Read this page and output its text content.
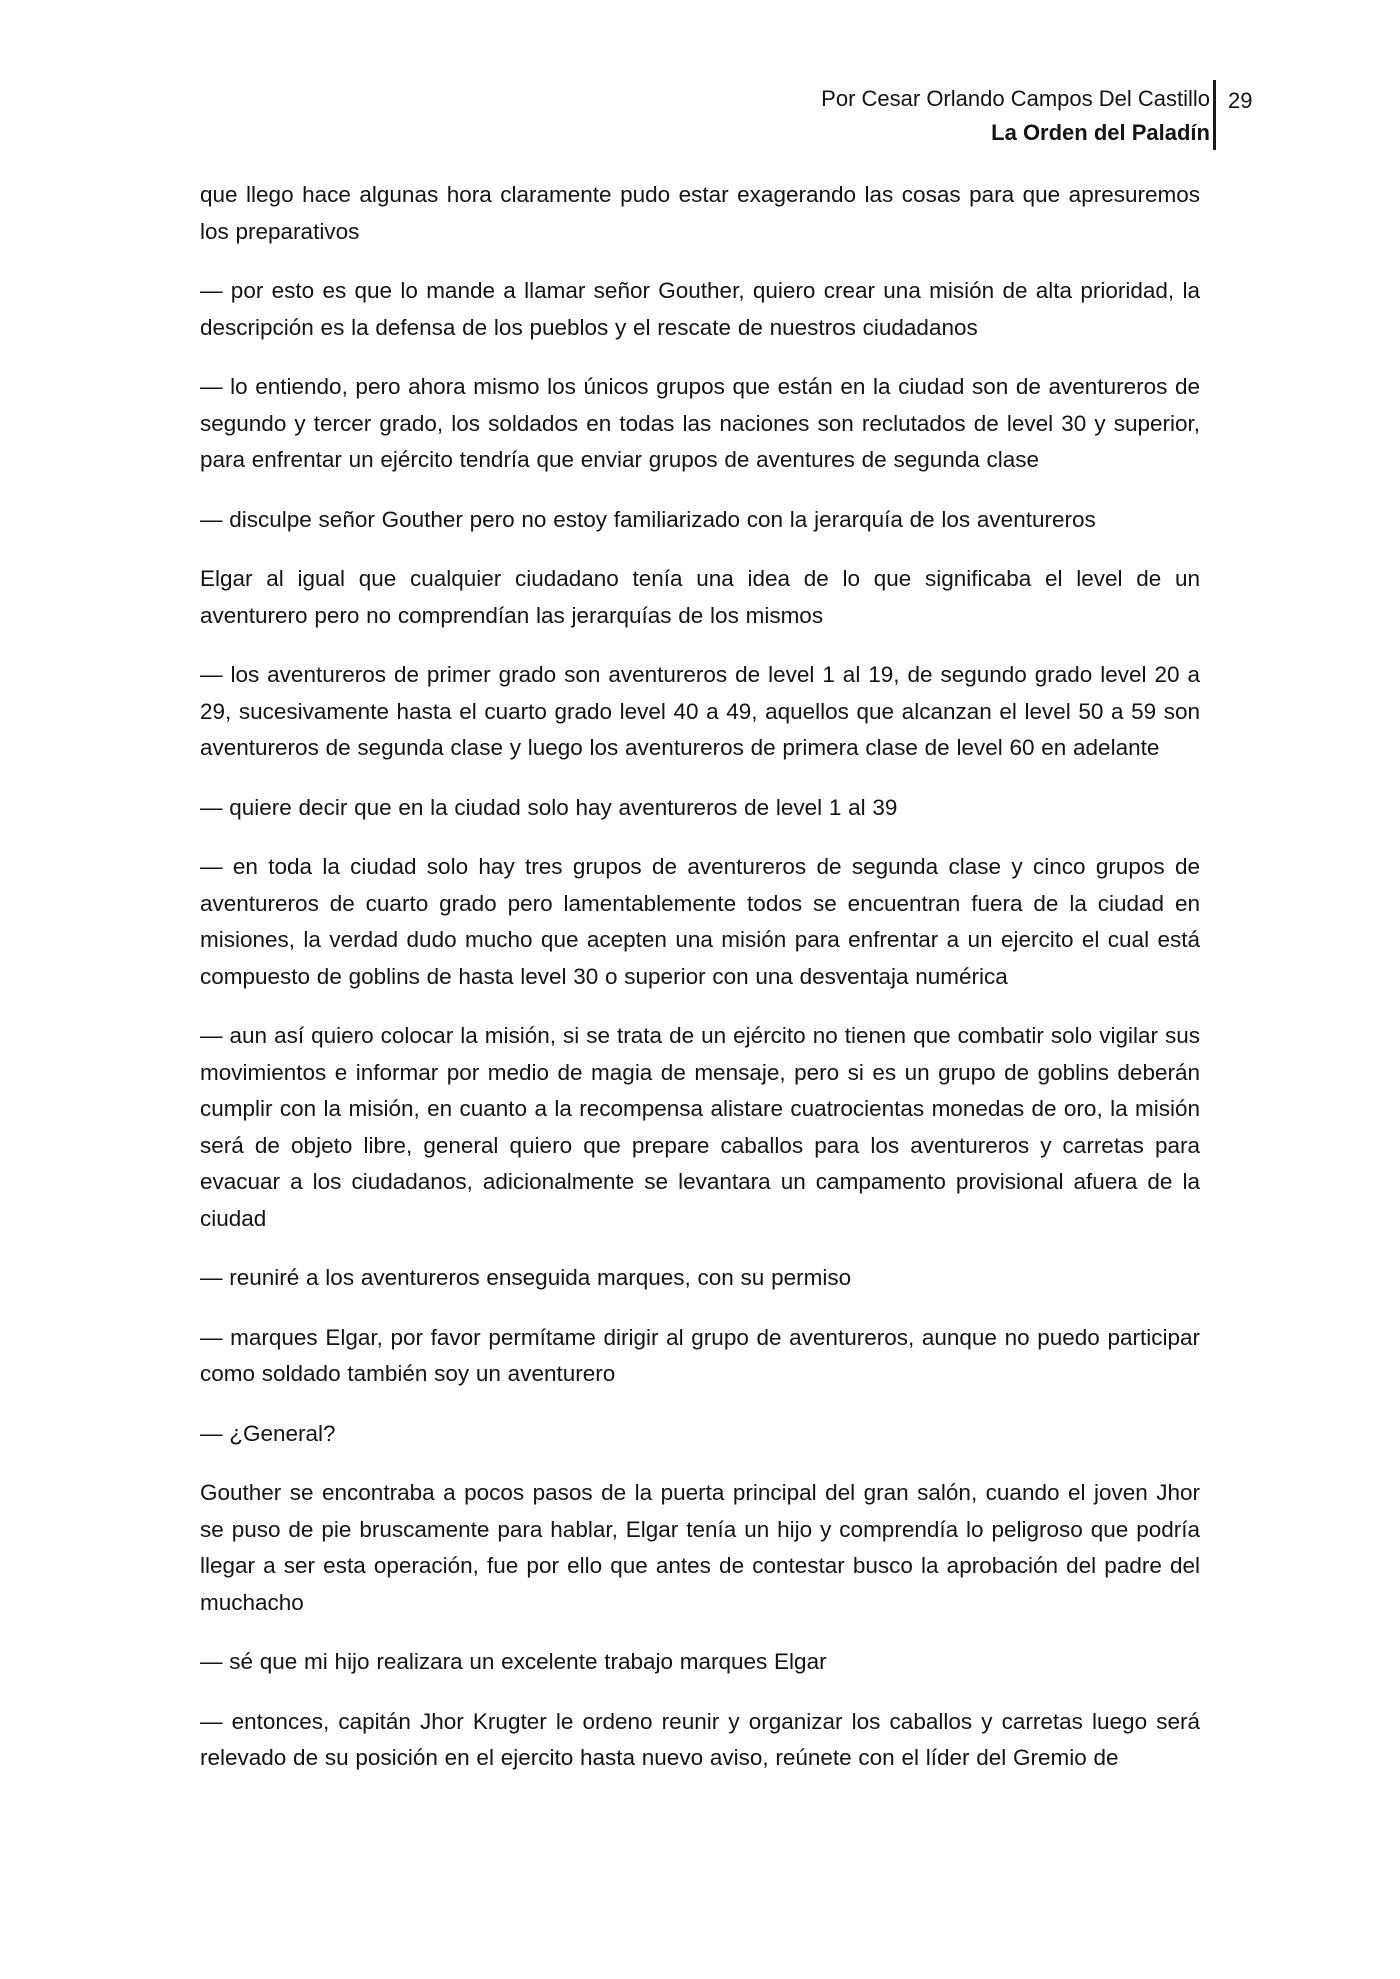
Por Cesar Orlando Campos Del Castillo
La Orden del Paladín
29

que llego hace algunas hora claramente pudo estar exagerando las cosas para que apresuremos los preparativos

— por esto es que lo mande a llamar señor Gouther, quiero crear una misión de alta prioridad, la descripción es la defensa de los pueblos y el rescate de nuestros ciudadanos

— lo entiendo, pero ahora mismo los únicos grupos que están en la ciudad son de aventureros de segundo y tercer grado, los soldados en todas las naciones son reclutados de level 30 y superior, para enfrentar un ejército tendría que enviar grupos de aventures de segunda clase

— disculpe señor Gouther pero no estoy familiarizado con la jerarquía de los aventureros

Elgar al igual que cualquier ciudadano tenía una idea de lo que significaba el level de un aventurero pero no comprendían las jerarquías de los mismos

— los aventureros de primer grado son aventureros de level 1 al 19, de segundo grado level 20 a 29, sucesivamente hasta el cuarto grado level 40 a 49, aquellos que alcanzan el level 50 a 59 son aventureros de segunda clase y luego los aventureros de primera clase de level 60 en adelante

— quiere decir que en la ciudad solo hay aventureros de level 1 al 39

— en toda la ciudad solo hay tres grupos de aventureros de segunda clase y cinco grupos de aventureros de cuarto grado pero lamentablemente todos se encuentran fuera de la ciudad en misiones, la verdad dudo mucho que acepten una misión para enfrentar a un ejercito el cual está compuesto de goblins de hasta level 30 o superior con una desventaja numérica

— aun así quiero colocar la misión, si se trata de un ejército no tienen que combatir solo vigilar sus movimientos e informar por medio de magia de mensaje, pero si es un grupo de goblins deberán cumplir con la misión, en cuanto a la recompensa alistare cuatrocientas monedas de oro, la misión será de objeto libre, general quiero que prepare caballos para los aventureros y carretas para evacuar a los ciudadanos, adicionalmente se levantara un campamento provisional afuera de la ciudad

— reuniré a los aventureros enseguida marques, con su permiso

— marques Elgar, por favor permítame dirigir al grupo de aventureros, aunque no puedo participar como soldado también soy un aventurero

— ¿General?

Gouther se encontraba a pocos pasos de la puerta principal del gran salón, cuando el joven Jhor se puso de pie bruscamente para hablar, Elgar tenía un hijo y comprendía lo peligroso que podría llegar a ser esta operación, fue por ello que antes de contestar busco la aprobación del padre del muchacho

— sé que mi hijo realizara un excelente trabajo marques Elgar

— entonces, capitán Jhor Krugter le ordeno reunir y organizar los caballos y carretas luego será relevado de su posición en el ejercito hasta nuevo aviso, reúnete con el líder del Gremio de
